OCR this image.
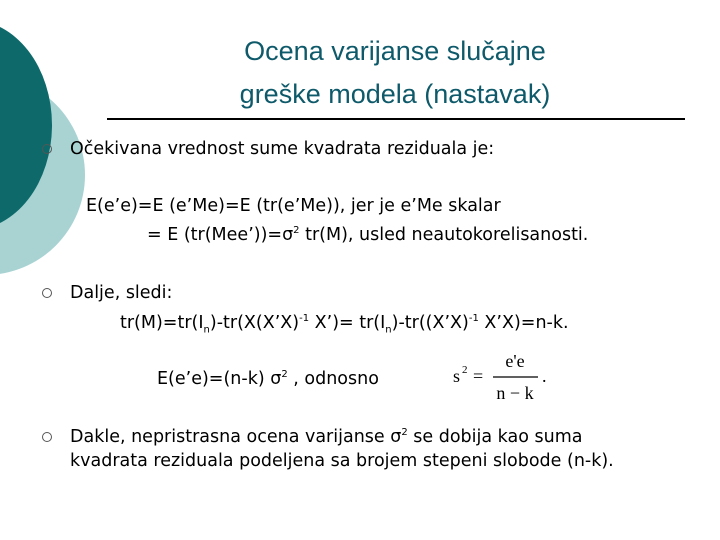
Ocena varijanse slučajne
greške modela (nastavak)
Očekivana vrednost sume kvadrata reziduala je:
E(e’e)=E (e’Me)=E (tr(e’Me)), jer je e’Me skalar
= E $(tr(Mee’))=\sigma^2$ tr(M), usled neautokorelisanosti.
Dalje, sledi:
$tr(M)=tr(I_n)-tr(X(X’X)^{-1}$ X’)= $tr(I_n)-tr((X’X)^{-1}$ X’X)=n-k.
E(e’e)=(n-k) $\sigma^2$ , odnosno	s 2 =
e'e
n − k
.
Dakle, nepristrasna ocena varijanse $\sigma^2$ se dobija kao suma
kvadrata reziduala podeljena sa brojem stepeni slobode (n-k).
